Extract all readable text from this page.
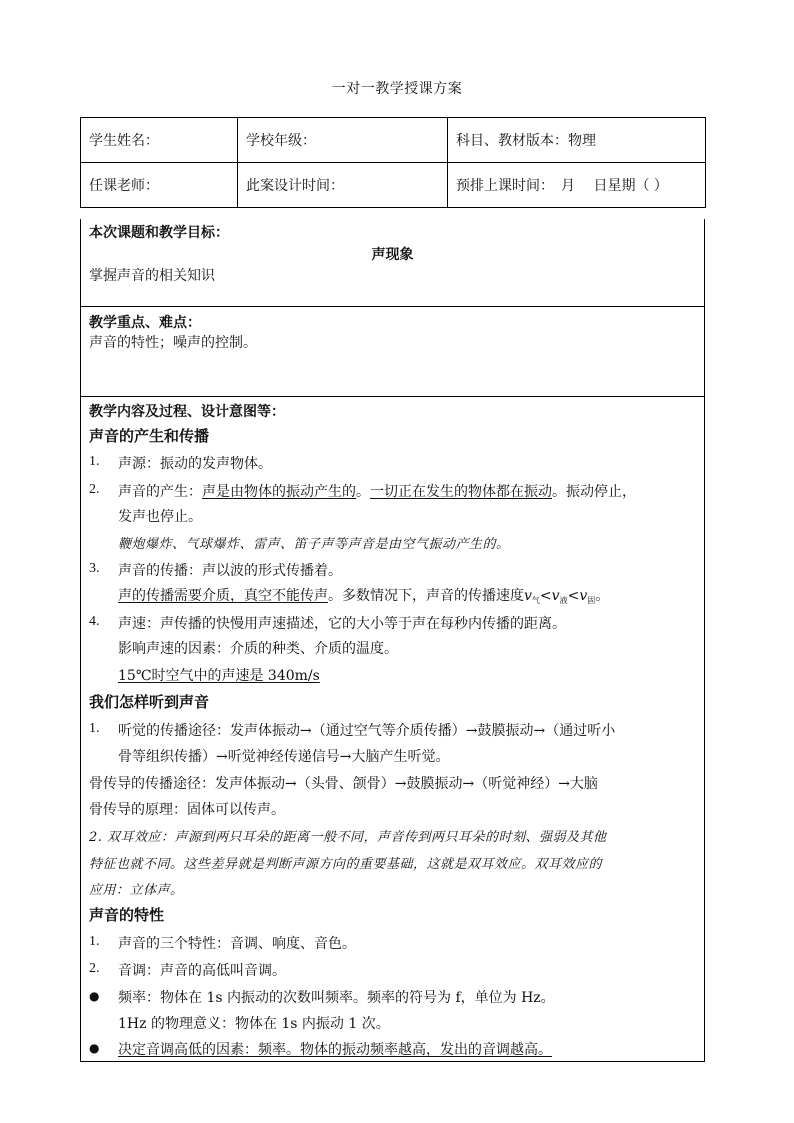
一对一教学授课方案
学生姓名：	学校年级：	科目、教材版本：物理
任课老师：	此案设计时间：	预排上课时间：　月　 日星期（ ）
本次课题和教学目标：
声现象
掌握声音的相关知识
教学重点、难点：
声音的特性；噪声的控制。
教学内容及过程、设计意图等：
声音的产生和传播
1.	声源：振动的发声物体。
2.	声音的产生：声是由物体的振动产生的。一切正在发生的物体都在振动。振动停止，
发声也停止。
鞭炮爆炸、气球爆炸、雷声、笛子声等声音是由空气振动产生的。
3.	声音的传播：声以波的形式传播着。
声的传播需要介质，真空不能传声。多数情况下，声音的传播速度$v_气<v_液<v_固$。
4.	声速：声传播的快慢用声速描述，它的大小等于声在每秒内传播的距离。
影响声速的因素：介质的种类、介质的温度。
15℃时空气中的声速是 340m/s
我们怎样听到声音
1.	听觉的传播途径：发声体振动→（通过空气等介质传播）→鼓膜振动→（通过听小
骨等组织传播）→听觉神经传递信号→大脑产生听觉。
骨传导的传播途径：发声体振动→（头骨、颌骨）→鼓膜振动→（听觉神经）→大脑
骨传导的原理：固体可以传声。
2. 双耳效应：声源到两只耳朵的距离一般不同，声音传到两只耳朵的时刻、强弱及其他
特征也就不同。这些差异就是判断声源方向的重要基础，这就是双耳效应。双耳效应的
应用：立体声。
声音的特性
1.	声音的三个特性：音调、响度、音色。
2.	音调：声音的高低叫音调。
● 频率：物体在 1s 内振动的次数叫频率。频率的符号为 f，单位为 Hz。
1Hz 的物理意义：物体在 1s 内振动 1 次。
● 决定音调高低的因素：频率。物体的振动频率越高，发出的音调越高。
